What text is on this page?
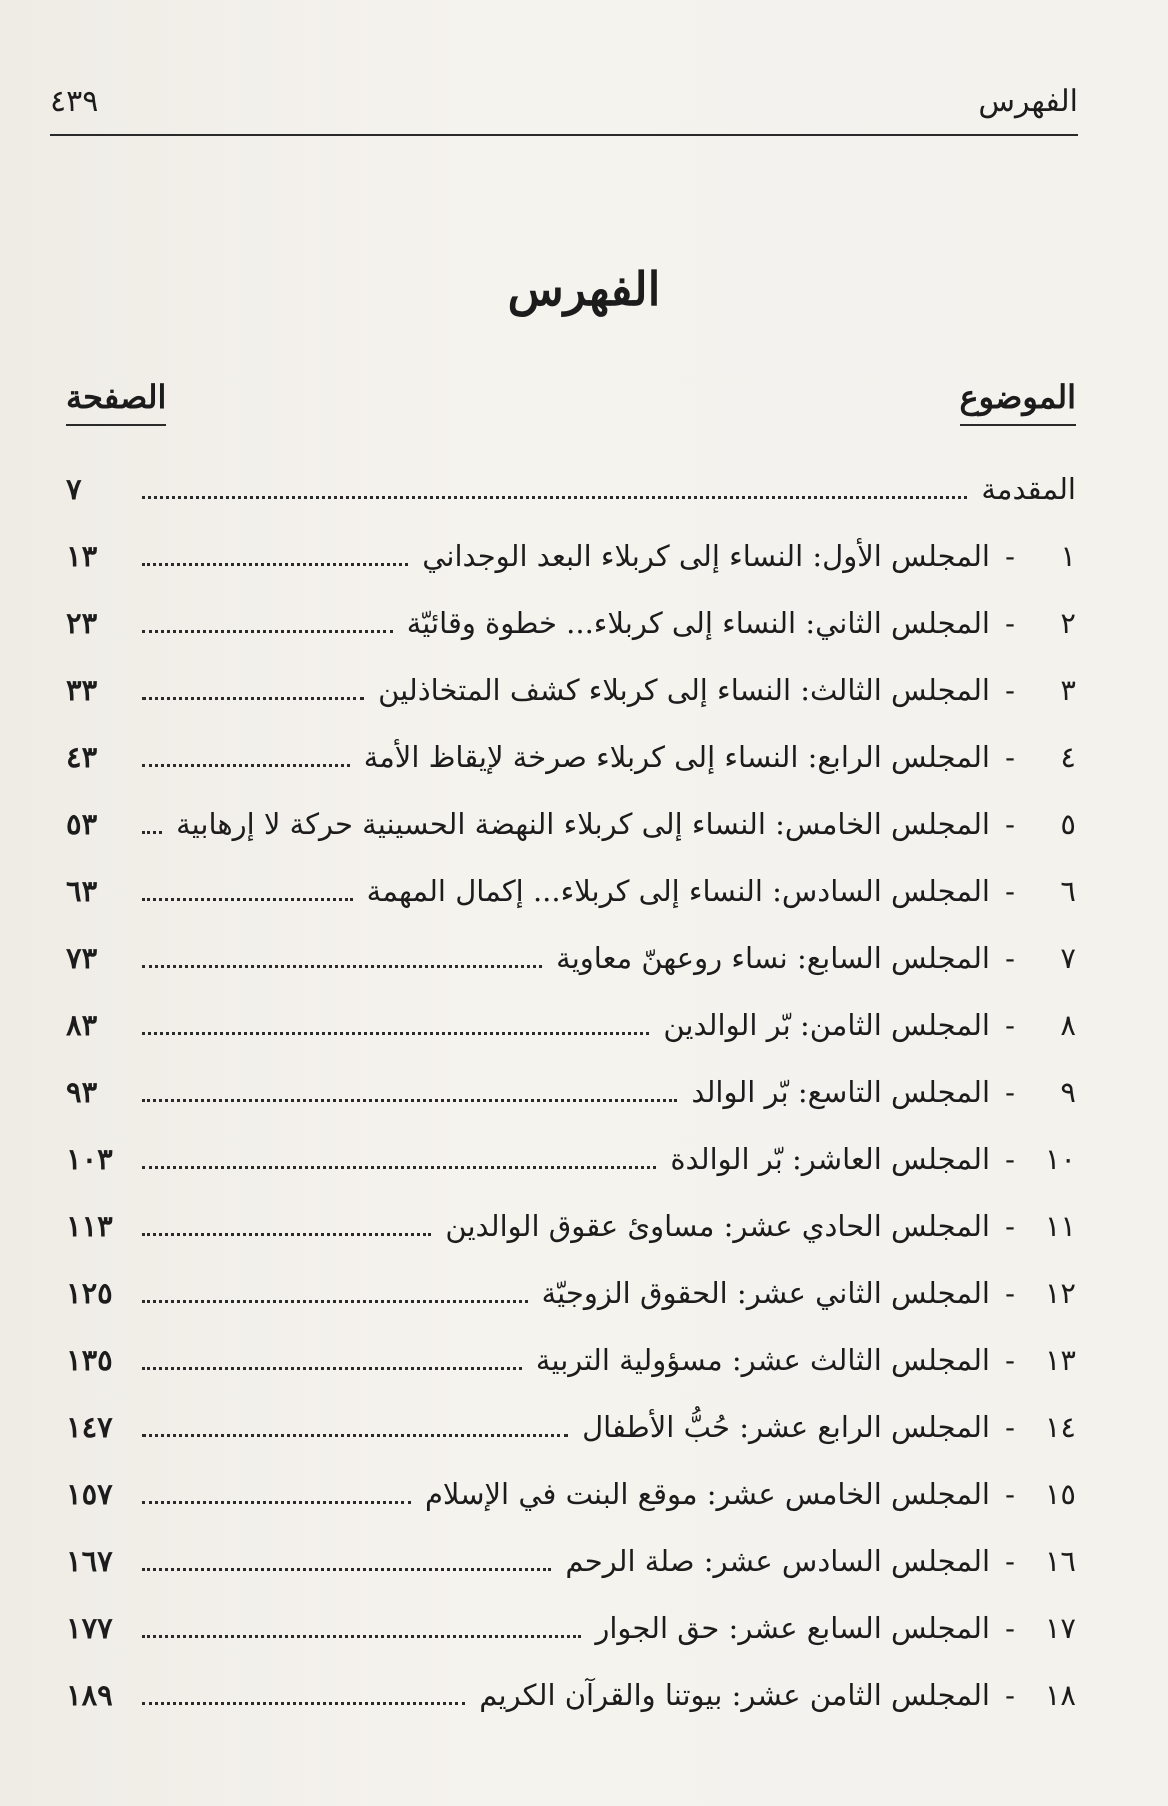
الفهرس
٤٣٩
الفهرس
الموضوع
الصفحة
المقدمة
٧
١
-
المجلس الأول: النساء إلى كربلاء البعد الوجداني
١٣
٢
-
المجلس الثاني: النساء إلى كربلاء... خطوة وقائيّة
٢٣
٣
-
المجلس الثالث: النساء إلى كربلاء كشف المتخاذلين
٣٣
٤
-
المجلس الرابع: النساء إلى كربلاء صرخة لإيقاظ الأمة
٤٣
٥
-
المجلس الخامس: النساء إلى كربلاء النهضة الحسينية حركة لا إرهابية
٥٣
٦
-
المجلس السادس: النساء إلى كربلاء... إكمال المهمة
٦٣
٧
-
المجلس السابع: نساء روعهنّ معاوية
٧٣
٨
-
المجلس الثامن: بّر الوالدين
٨٣
٩
-
المجلس التاسع: بّر الوالد
٩٣
١٠
-
المجلس العاشر: بّر الوالدة
١٠٣
١١
-
المجلس الحادي عشر: مساوئ عقوق الوالدين
١١٣
١٢
-
المجلس الثاني عشر: الحقوق الزوجيّة
١٢٥
١٣
-
المجلس الثالث عشر: مسؤولية التربية
١٣٥
١٤
-
المجلس الرابع عشر: حُبُّ الأطفال
١٤٧
١٥
-
المجلس الخامس عشر: موقع البنت في الإسلام
١٥٧
١٦
-
المجلس السادس عشر: صلة الرحم
١٦٧
١٧
-
المجلس السابع عشر: حق الجوار
١٧٧
١٨
-
المجلس الثامن عشر: بيوتنا والقرآن الكريم
١٨٩
